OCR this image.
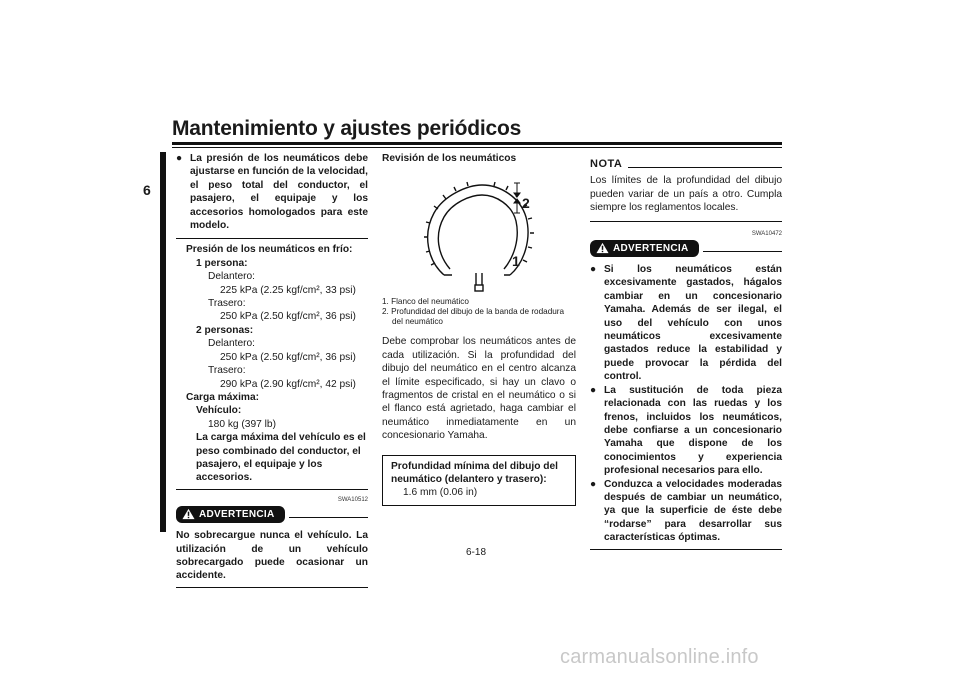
Mantenimiento y ajustes periódicos
6
● La presión de los neumáticos debe ajustarse en función de la velocidad, el peso total del conductor, el pasajero, el equipaje y los accesorios homologados para este modelo.
Presión de los neumáticos en frío:
1 persona:
Delantero:
225 kPa (2.25 kgf/cm², 33 psi)
Trasero:
250 kPa (2.50 kgf/cm², 36 psi)
2 personas:
Delantero:
250 kPa (2.50 kgf/cm², 36 psi)
Trasero:
290 kPa (2.90 kgf/cm², 42 psi)
Carga máxima:
Vehículo:
180 kg (397 lb)
La carga máxima del vehículo es el peso combinado del conductor, el pasajero, el equipaje y los accesorios.
SWA10512
ADVERTENCIA
No sobrecargue nunca el vehículo. La utilización de un vehículo sobrecargado puede ocasionar un accidente.
Revisión de los neumáticos
2
1
1. Flanco del neumático
2. Profundidad del dibujo de la banda de rodadura del neumático
Debe comprobar los neumáticos antes de cada utilización. Si la profundidad del dibujo del neumático en el centro alcanza el límite especificado, si hay un clavo o fragmentos de cristal en el neumático o si el flanco está agrietado, haga cambiar el neumático inmediatamente en un concesionario Yamaha.
Profundidad mínima del dibujo del neumático (delantero y trasero):
1.6 mm (0.06 in)
NOTA
Los límites de la profundidad del dibujo pueden variar de un país a otro. Cumpla siempre los reglamentos locales.
SWA10472
ADVERTENCIA
● Si los neumáticos están excesivamente gastados, hágalos cambiar en un concesionario Yamaha. Además de ser ilegal, el uso del vehículo con unos neumáticos excesivamente gastados reduce la estabilidad y puede provocar la pérdida del control.
● La sustitución de toda pieza relacionada con las ruedas y los frenos, incluidos los neumáticos, debe confiarse a un concesionario Yamaha que dispone de los conocimientos y experiencia profesional necesarios para ello.
● Conduzca a velocidades moderadas después de cambiar un neumático, ya que la superficie de éste debe “rodarse” para desarrollar sus características óptimas.
6-18
carmanualsonline.info
